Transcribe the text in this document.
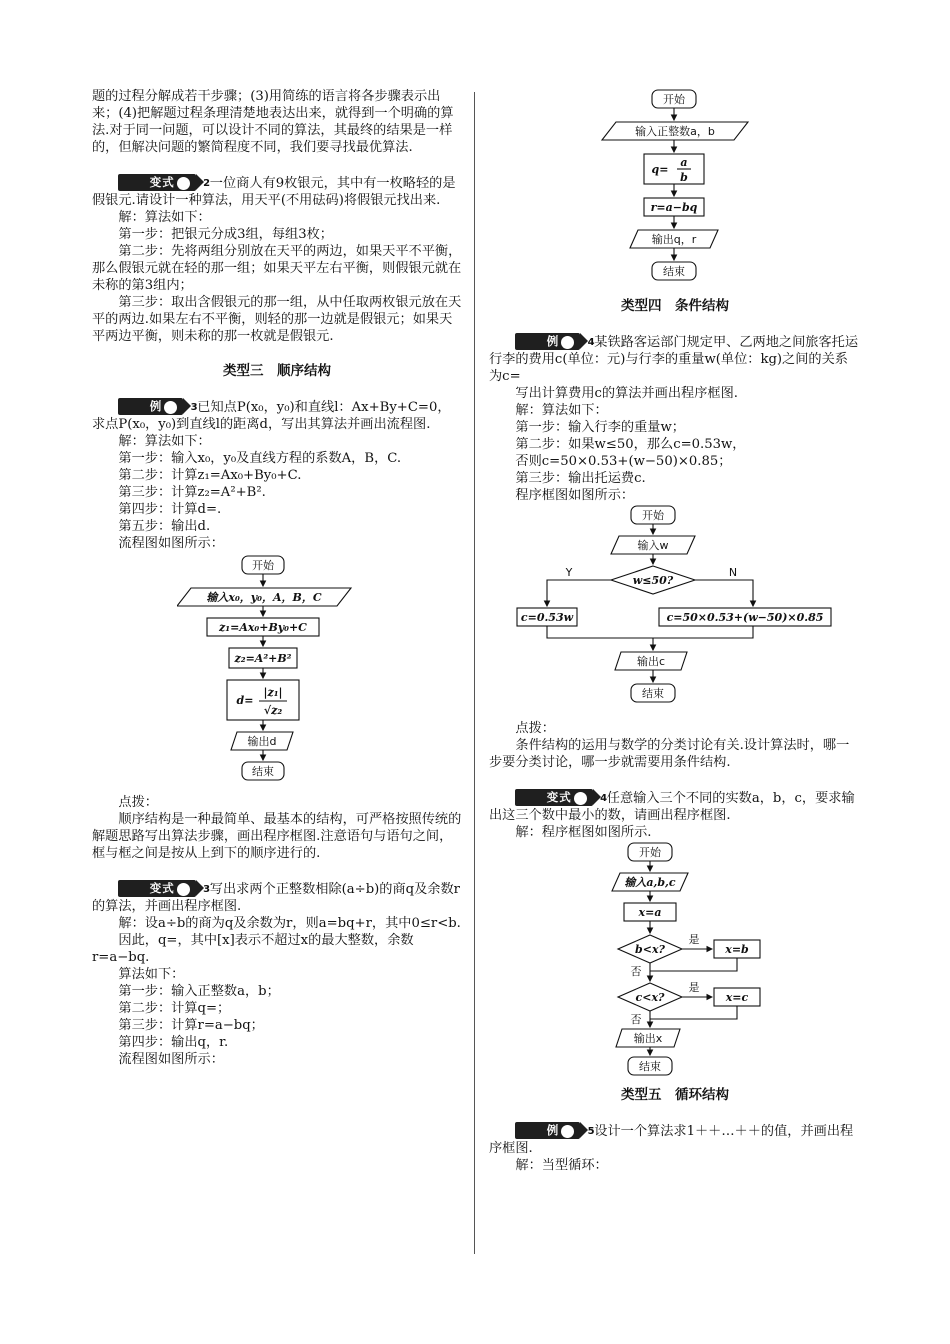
题的过程分解成若干步骤；(3)用简练的语言将各步骤表示出来；(4)把解题过程条理清楚地表达出来，就得到一个明确的算法.对于同一问题，可以设计不同的算法，其最终的结果是一样的，但解决问题的繁简程度不同，我们要寻找最优算法.

变式	2一位商人有9枚银元，其中有一枚略轻的是假银元.请设计一种算法，用天平(不用砝码)将假银元找出来.

解：算法如下：

第一步：把银元分成3组，每组3枚；

第二步：先将两组分别放在天平的两边，如果天平不平衡，那么假银元就在轻的那一组；如果天平左右平衡，则假银元就在未称的第3组内；

第三步：取出含假银元的那一组，从中任取两枚银元放在天平的两边.如果左右不平衡，则轻的那一边就是假银元；如果天平两边平衡，则未称的那一枚就是假银元.

类型三　顺序结构

例	3已知点P(x₀，y₀)和直线l：Ax+By+C=0，求点P(x₀，y₀)到直线l的距离d，写出其算法并画出流程图.

解：算法如下：

第一步：输入x₀，y₀及直线方程的系数A，B，C.

第二步：计算z₁=Ax₀+By₀+C.

第三步：计算z₂=A²+B².

第四步：计算d=.

第五步：输出d.

流程图如图所示：

开始
输入x₀，y₀，A，B，C
z₁=Ax₀+By₀+C
z₂=A²+B²
d=
|z₁|
√z₂
输出d
结束

点拨：

顺序结构是一种最简单、最基本的结构，可严格按照传统的解题思路写出算法步骤，画出程序框图.注意语句与语句之间，框与框之间是按从上到下的顺序进行的.

变式	3写出求两个正整数相除(a÷b)的商q及余数r的算法，并画出程序框图.

解：设a÷b的商为q及余数为r，则a=bq+r，其中0≤r<b.

因此，q=，其中[x]表示不超过x的最大整数，余数r=a−bq.

算法如下：

第一步：输入正整数a，b；

第二步：计算q=；

第三步：计算r=a−bq；

第四步：输出q，r.

流程图如图所示：

开始
输入正整数a，b
q=
a
b
r=a−bq
输出q，r
结束

类型四　条件结构

例	4某铁路客运部门规定甲、乙两地之间旅客托运行李的费用c(单位：元)与行李的重量w(单位：kg)之间的关系为c=

写出计算费用c的算法并画出程序框图.

解：算法如下：

第一步：输入行李的重量w；

第二步：如果w≤50，那么c=0.53w，

否则c=50×0.53+(w−50)×0.85；

第三步：输出托运费c.

程序框图如图所示：

开始
输入w
w≤50?
Y	N
c=0.53w	c=50×0.53+(w−50)×0.85
输出c
结束

点拨：

条件结构的运用与数学的分类讨论有关.设计算法时，哪一步要分类讨论，哪一步就需要用条件结构.

变式	4任意输入三个不同的实数a，b，c，要求输出这三个数中最小的数，请画出程序框图.

解：程序框图如图所示.

开始
输入a,b,c
x=a
b<x?
是
x=b
否
c<x?
是
x=c
否
输出x
结束

类型五　循环结构

例	5设计一个算法求1＋＋…＋＋的值，并画出程序框图.

解：当型循环：
